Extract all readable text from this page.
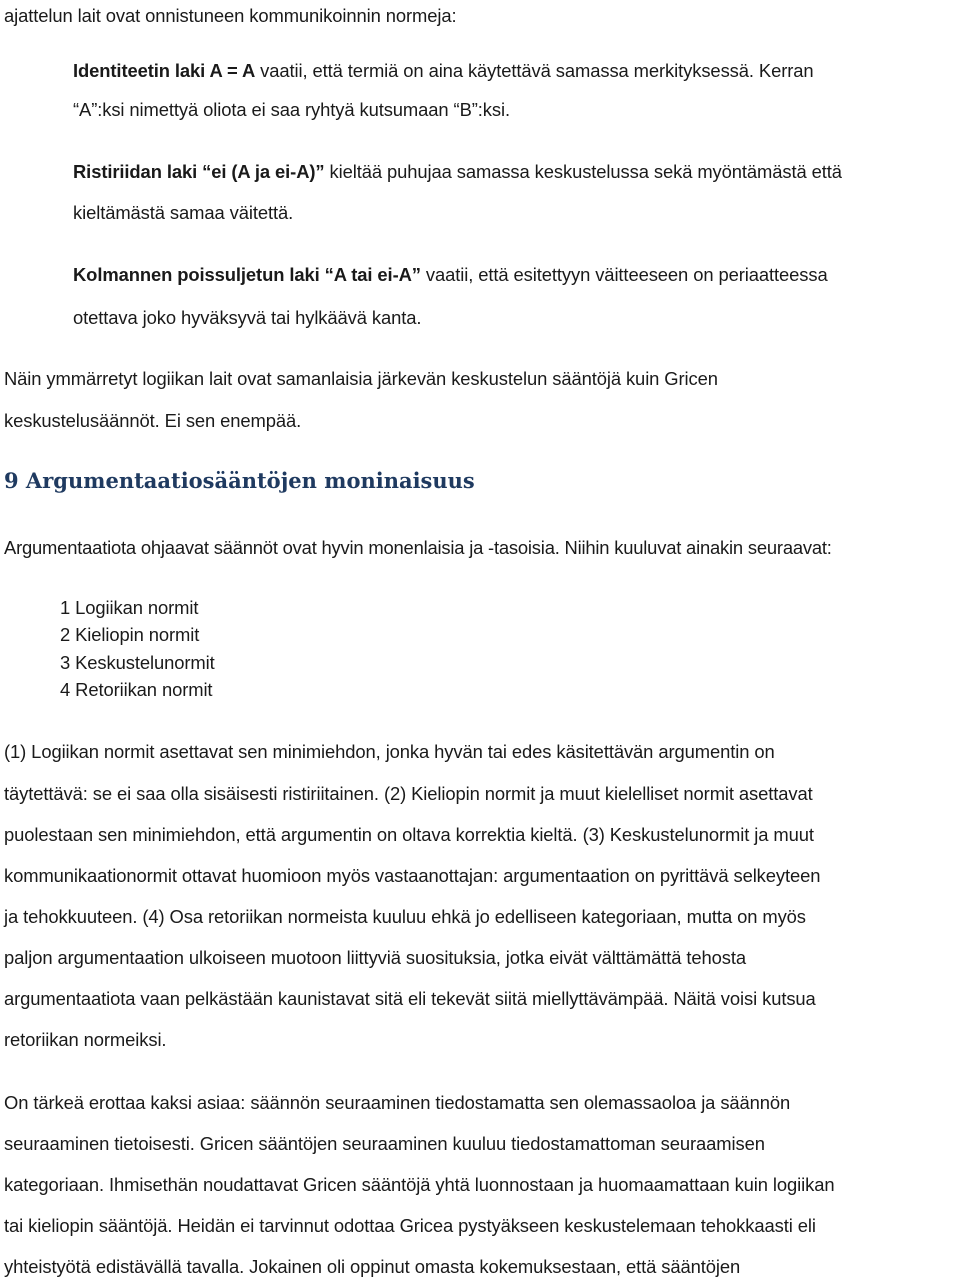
ajattelun lait ovat onnistuneen kommunikoinnin normeja:
Identiteetin laki A = A vaatii, että termiä on aina käytettävä samassa merkityksessä. Kerran
“A”:ksi nimettyä oliota ei saa ryhtyä kutsumaan “B”:ksi.
Ristiriidan laki “ei (A ja ei-A)” kieltää puhujaa samassa keskustelussa sekä myöntämästä että
kieltämästä samaa väitettä.
Kolmannen poissuljetun laki “A tai ei-A” vaatii, että esitettyyn väitteeseen on periaatteessa
otettava joko hyväksyvä tai hylkäävä kanta.
Näin ymmärretyt logiikan lait ovat samanlaisia järkevän keskustelun sääntöjä kuin Gricen
keskustelusäännöt. Ei sen enempää.
9 Argumentaatiosääntöjen moninaisuus
Argumentaatiota ohjaavat säännöt ovat hyvin monenlaisia ja -tasoisia. Niihin kuuluvat ainakin seuraavat:
1 Logiikan normit
2 Kieliopin normit
3 Keskustelunormit
4 Retoriikan normit
(1) Logiikan normit asettavat sen minimiehdon, jonka hyvän tai edes käsitettävän argumentin on
täytettävä: se ei saa olla sisäisesti ristiriitainen. (2) Kieliopin normit ja muut kielelliset normit asettavat
puolestaan sen minimiehdon, että argumentin on oltava korrektia kieltä. (3) Keskustelunormit ja muut
kommunikaationormit ottavat huomioon myös vastaanottajan: argumentaation on pyrittävä selkeyteen
ja tehokkuuteen. (4) Osa retoriikan normeista kuuluu ehkä jo edelliseen kategoriaan, mutta on myös
paljon argumentaation ulkoiseen muotoon liittyviä suosituksia, jotka eivät välttämättä tehosta
argumentaatiota vaan pelkästään kaunistavat sitä eli tekevät siitä miellyttävämpää. Näitä voisi kutsua
retoriikan normeiksi.
On tärkeä erottaa kaksi asiaa: säännön seuraaminen tiedostamatta sen olemassaoloa ja säännön
seuraaminen tietoisesti. Gricen sääntöjen seuraaminen kuuluu tiedostamattoman seuraamisen
kategoriaan. Ihmisethän noudattavat Gricen sääntöjä yhtä luonnostaan ja huomaamattaan kuin logiikan
tai kieliopin sääntöjä. Heidän ei tarvinnut odottaa Gricea pystyäkseen keskustelemaan tehokkaasti eli
yhteistyötä edistävällä tavalla. Jokainen oli oppinut omasta kokemuksestaan, että sääntöjen
